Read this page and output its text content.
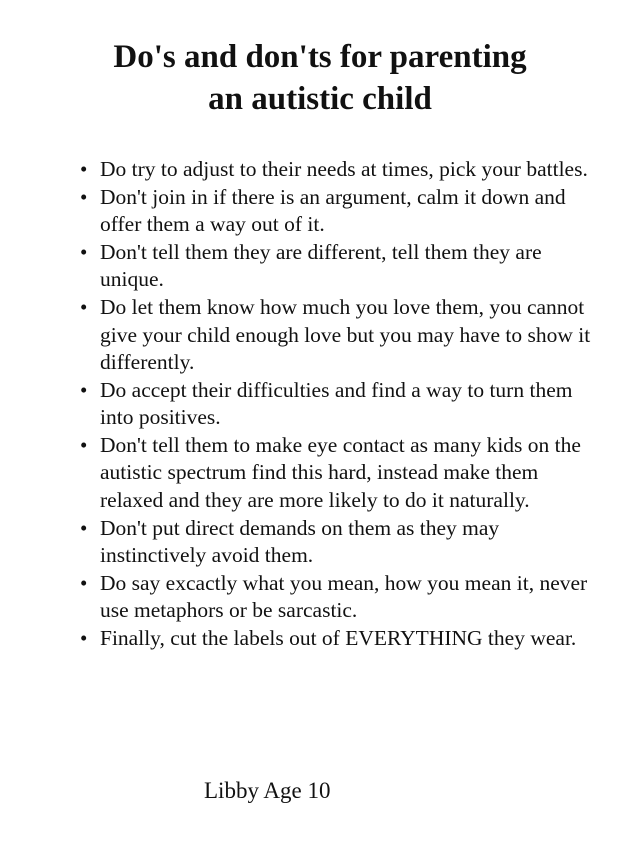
Do's and don'ts for parenting
an autistic child
• Do try to adjust to their needs at times, pick your battles.
• Don't join in if there is an argument, calm it down and offer them a way out of it.
• Don't tell them they are different, tell them they are unique.
• Do let them know how much you love them, you cannot give your child enough love but you may have to show it differently.
• Do accept their difficulties and find a way to turn them into positives.
• Don't tell them to make eye contact as many kids on the autistic spectrum find this hard, instead make them relaxed and they are more likely to do it naturally.
• Don't put direct demands on them as they may instinctively avoid them.
• Do say excactly what you mean, how you mean it, never use metaphors or be sarcastic.
• Finally, cut the labels out of EVERYTHING they wear.
Libby Age 10
